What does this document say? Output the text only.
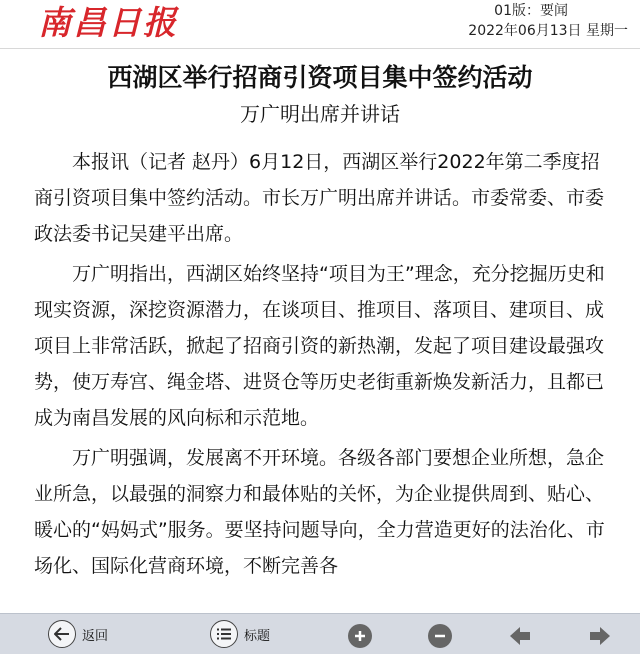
南昌日报	01版：要闻
2022年06月13日 星期一
西湖区举行招商引资项目集中签约活动
万广明出席并讲话

本报讯（记者 赵丹）6月12日，西湖区举行2022年第二季度招商引资项目集中签约活动。市长万广明出席并讲话。市委常委、市委政法委书记吴建平出席。

万广明指出，西湖区始终坚持“项目为王”理念，充分挖掘历史和现实资源，深挖资源潜力，在谈项目、推项目、落项目、建项目、成项目上非常活跃，掀起了招商引资的新热潮，发起了项目建设最强攻势，使万寿宫、绳金塔、进贤仓等历史老街重新焕发新活力，且都已成为南昌发展的风向标和示范地。

万广明强调，发展离不开环境。各级各部门要想企业所想，急企业所急，以最强的洞察力和最体贴的关怀，为企业提供周到、贴心、暖心的“妈妈式”服务。要坚持问题导向，全力营造更好的法治化、市场化、国际化营商环境，不断完善各

返回	标题
